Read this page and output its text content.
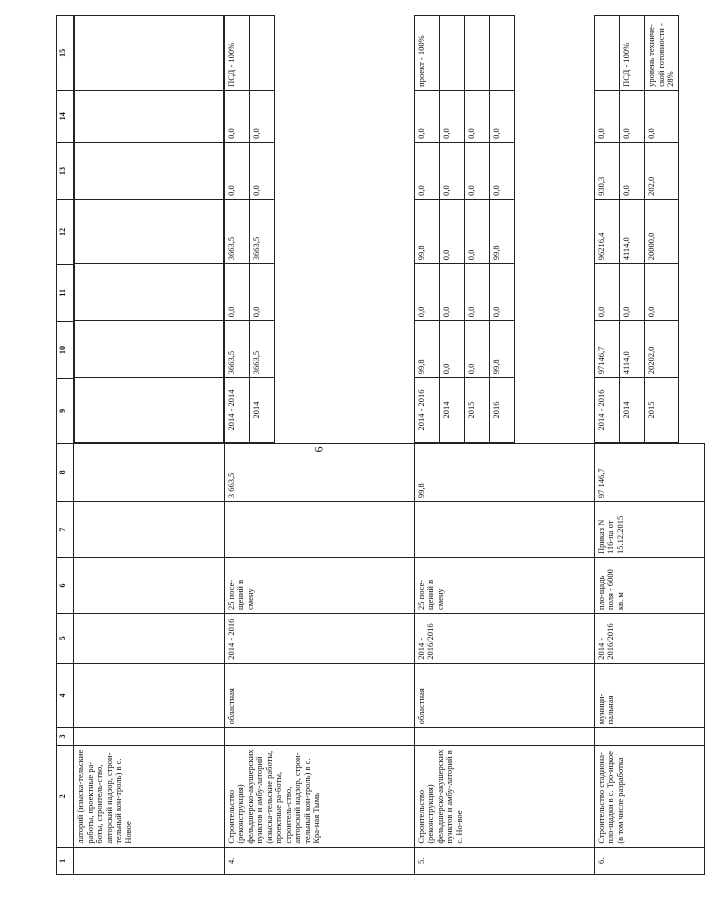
6
1	2	3	4	5	6	7	8	9	10	11	12	13	14	15
	латорий (изыска-тельские работы, проектные ра-боты, строитель-ство, авторский надзор, строи-тельный кон-троль) в с. Новое							

4.	Строительство (реконструкция) фельдшерско-акушерских пунктов и амбу-латорий (изыска-тельские работы, проектные ра-боты, строитель-ство, авторский надзор, строи-тельный кон-троль) в с. Кра-ная Тымь		областная	2014 - 2016	25 посе-щений в смену		3 663,5	
2014 - 2014	3663,5	0,0	3663,5	0,0	0,0	ПСД - 100%
2014	3663,5	0,0	3663,5	0,0	0,0	

5.	Строительство (реконструкция) фельдшерско-акушерских пунктов и амбу-латорий в с. Но-вое		областная	2014 - 2016/2016	25 посе-щений в смену		99,8	
2014 - 2016	99,8	0,0	99,8	0,0	0,0	проект - 100%
2014	0,0	0,0	0,0	0,0	0,0	
2015	0,0	0,0	0,0	0,0	0,0	
2016	99,8	0,0	99,8	0,0	0,0	

6.	Строительство стадиона-пло-щадки в с. Тро-ицкое (в том числе разработка		муници-пальная	2014 - 2016/2016	пло-щадь поля - 6000 кв. м	Приказ N 116-па от 15.12.2015	97 146,7	
2014 - 2016	97146,7	0,0	96216,4	930,3	0,0	
2014	4114,0	0,0	4114,0	0,0	0,0	ПСД - 100%
2015	20202,0	0,0	20000,0	202,0	0,0	уровень техниче-ской готовности - 28%
